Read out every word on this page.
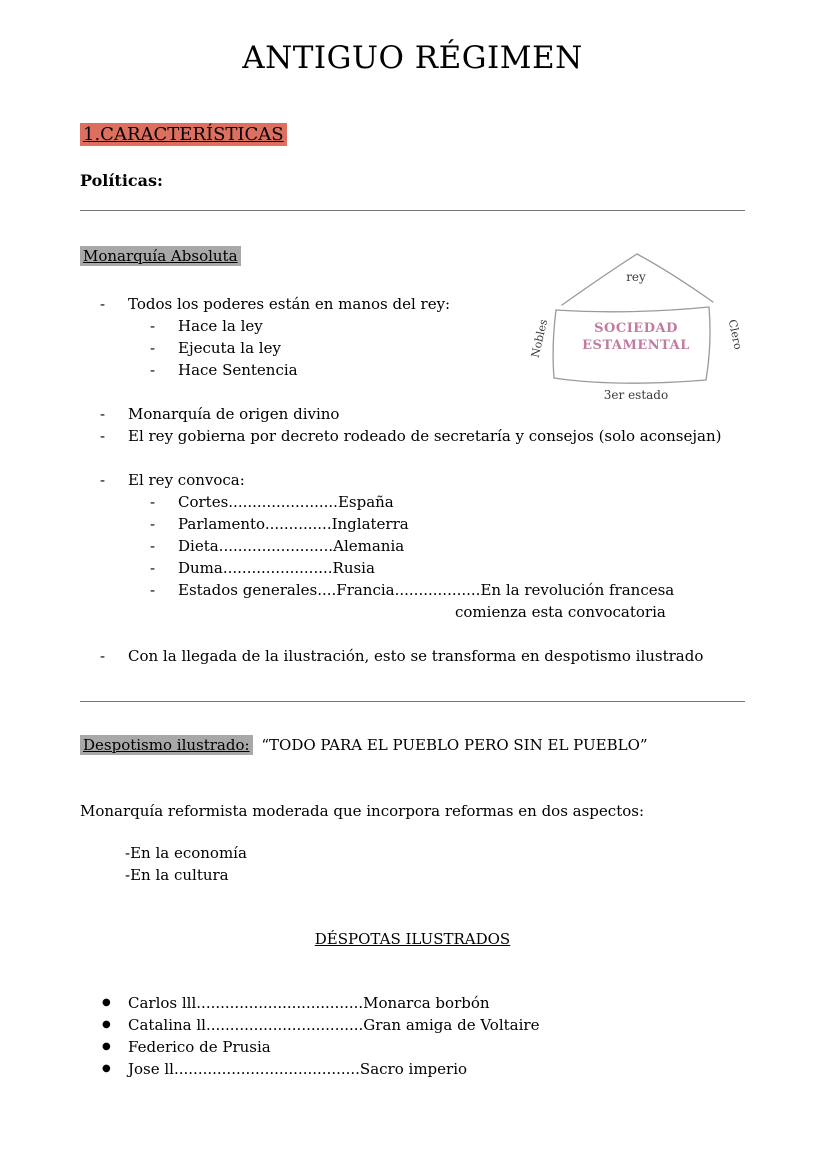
ANTIGUO RÉGIMEN

1.CARACTERÍSTICAS

Políticas:

Monarquía Absoluta

- Todos los poderes están en manos del rey:
- Hace la ley
- Ejecuta la ley
- Hace Sentencia
- Monarquía de origen divino
- El rey gobierna por decreto rodeado de secretaría y consejos (solo aconsejan)
- El rey convoca:
- Cortes.......................España
- Parlamento..............Inglaterra
- Dieta........................Alemania
- Duma.......................Rusia
- Estados generales....Francia..................En la revolución francesa
comienza esta convocatoria
- Con la llegada de la ilustración, esto se transforma en despotismo ilustrado

Despotismo ilustrado: “TODO PARA EL PUEBLO PERO SIN EL PUEBLO”

Monarquía reformista moderada que incorpora reformas en dos aspectos:

-En la economía
-En la cultura

DÉSPOTAS ILUSTRADOS

● Carlos lll...................................Monarca borbón
● Catalina ll.................................Gran amiga de Voltaire
● Federico de Prusia
● Jose ll.......................................Sacro imperio
rey
SOCIEDAD ESTAMENTAL
Nobles	Clero
3er estado
